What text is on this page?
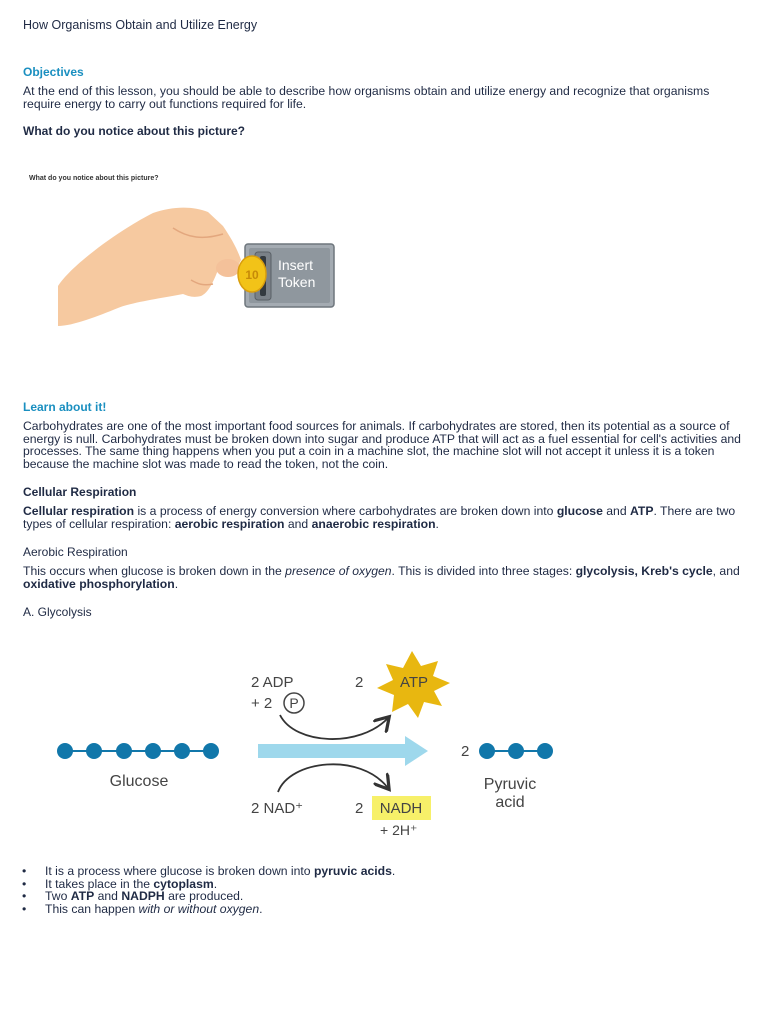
How Organisms Obtain and Utilize Energy
Objectives
At the end of this lesson, you should be able to describe how organisms obtain and utilize energy and recognize that organisms require energy to carry out functions required for life.
What do you notice about this picture?
What do you notice about this picture?
10
Insert
Token
Learn about it!
Carbohydrates are one of the most important food sources for animals. If carbohydrates are stored, then its potential as a source of energy is null. Carbohydrates must be broken down into sugar and produce ATP that will act as a fuel essential for cell's activities and processes. The same thing happens when you put a coin in a machine slot, the machine slot will not accept it unless it is a token because the machine slot was made to read the token, not the coin.
Cellular Respiration
Cellular respiration is a process of energy conversion where carbohydrates are broken down into glucose and ATP. There are two types of cellular respiration: aerobic respiration and anaerobic respiration.
Aerobic Respiration
This occurs when glucose is broken down in the presence of oxygen. This is divided into three stages: glycolysis, Kreb's cycle, and oxidative phosphorylation.
A. Glycolysis
Glucose
2 ADP
+ 2 P
2 ATP
2
Pyruvic
acid
2 NAD⁺	2 NADH
+ 2H⁺
• It is a process where glucose is broken down into pyruvic acids.
• It takes place in the cytoplasm.
• Two ATP and NADPH are produced.
• This can happen with or without oxygen.
